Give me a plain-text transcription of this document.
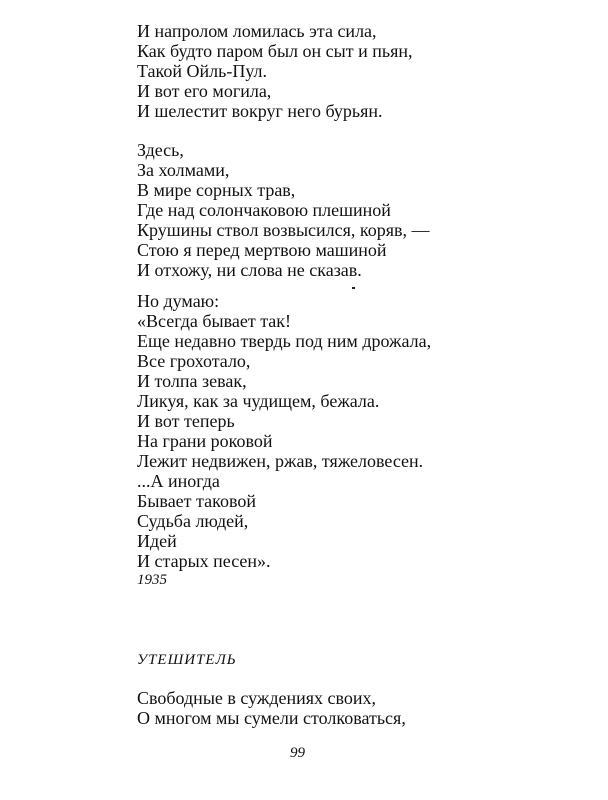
И напролом ломилась эта сила,
Как будто паром был он сыт и пьян,
Такой Ойль-Пул.
И вот его могила,
И шелестит вокруг него бурьян.
Здесь,
За холмами,
В мире сорных трав,
Где над солончаковою плешиной
Крушины ствол возвысился, коряв, —
Стою я перед мертвою машиной
И отхожу, ни слова не сказав.
Но думаю:
«Всегда бывает так!
Еще недавно твердь под ним дрожала,
Все грохотало,
И толпа зевак,
Ликуя, как за чудищем, бежала.
И вот теперь
На грани роковой
Лежит недвижен, ржав, тяжеловесен.
...А иногда
Бывает таковой
Судьба людей,
Идей
И старых песен».
1935
УТЕШИТЕЛЬ
Свободные в суждениях своих,
О многом мы сумели столковаться,
99
